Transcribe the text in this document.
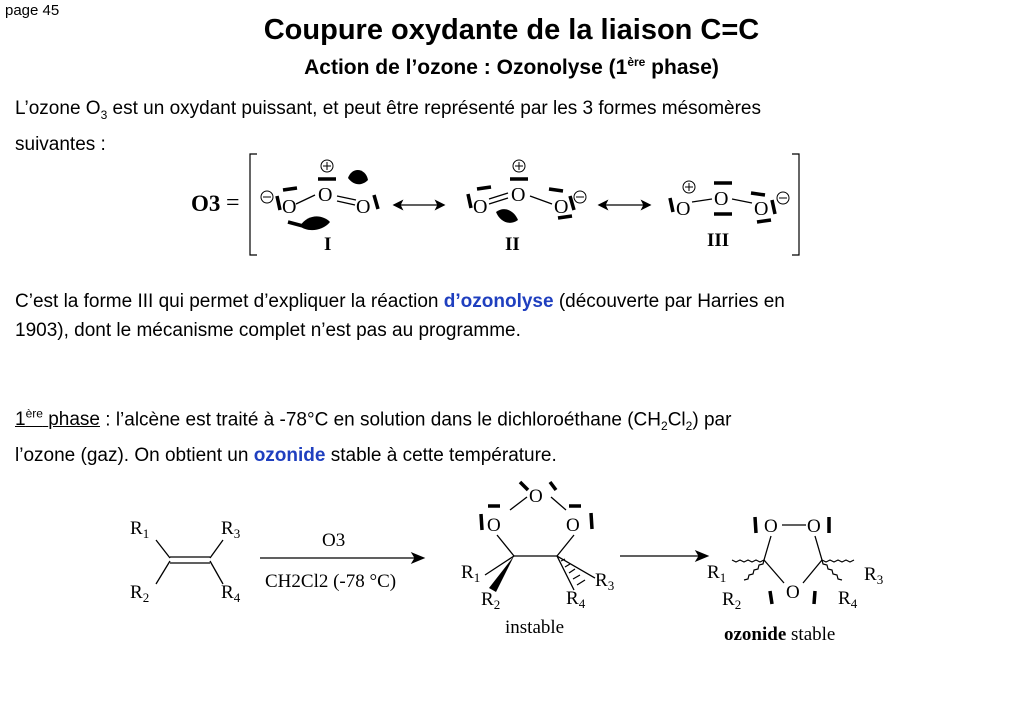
page 45
Coupure oxydante de la liaison C=C
Action de l’ozone : Ozonolyse (1ère phase)
L’ozone $O_3$ est un oxydant puissant, et peut être représenté par les 3 formes mésomères
suivantes :
C’est la forme III qui permet d’expliquer la réaction d’ozonolyse (découverte par Harries en
1903), dont le mécanisme complet n’est pas au programme.
1ère phase : l’alcène est traité à -78°C en solution dans le dichloroéthane $(CH_2Cl_2)$ par
l’ozone (gaz). On obtient un ozonide stable à cette température.
O3 = O
O
O
I
O
O
O
II
O O O
III
$R_1$	$R_3$
$R_2$	$R_4$
O3
CH2Cl2 (-78 °C)
O
O	O
$R_1$
$R_2$
$R_3$
$R_4$
instable
O O
O
$R_1$
$R_2$
$R_3$
$R_4$
ozonide stable
